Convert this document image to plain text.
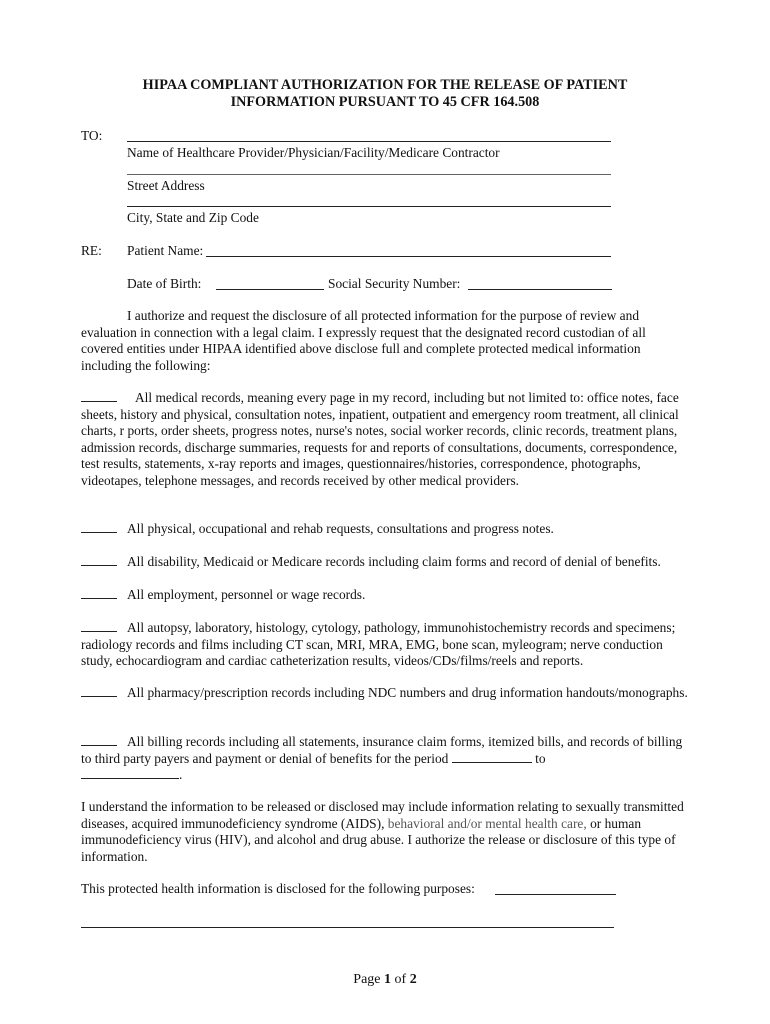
HIPAA COMPLIANT AUTHORIZATION FOR THE RELEASE OF PATIENT
INFORMATION PURSUANT TO 45 CFR 164.508
TO:
Name of Healthcare Provider/Physician/Facility/Medicare Contractor
Street Address
City, State and Zip Code
RE: Patient Name:
Date of Birth:	Social Security Number:
I authorize and request the disclosure of all protected information for the purpose of review and evaluation in connection with a legal claim. I expressly request that the designated record custodian of all covered entities under HIPAA identified above disclose full and complete protected medical information including the following:
All medical records, meaning every page in my record, including but not limited to: office notes, face sheets, history and physical, consultation notes, inpatient, outpatient and emergency room treatment, all clinical charts, r ports, order sheets, progress notes, nurse's notes, social worker records, clinic records, treatment plans, admission records, discharge summaries, requests for and reports of consultations, documents, correspondence, test results, statements, x-ray reports and images, questionnaires/histories, correspondence, photographs, videotapes, telephone messages, and records received by other medical providers.
All physical, occupational and rehab requests, consultations and progress notes.
All disability, Medicaid or Medicare records including claim forms and record of denial of benefits.
All employment, personnel or wage records.
All autopsy, laboratory, histology, cytology, pathology, immunohistochemistry records and specimens; radiology records and films including CT scan, MRI, MRA, EMG, bone scan, myleogram; nerve conduction study, echocardiogram and cardiac catheterization results, videos/CDs/films/reels and reports.
All pharmacy/prescription records including NDC numbers and drug information handouts/monographs.
All billing records including all statements, insurance claim forms, itemized bills, and records of billing to third party payers and payment or denial of benefits for the period	to
.
I understand the information to be released or disclosed may include information relating to sexually transmitted diseases, acquired immunodeficiency syndrome (AIDS), behavioral and/or mental health care, or human immunodeficiency virus (HIV), and alcohol and drug abuse. I authorize the release or disclosure of this type of information.
This protected health information is disclosed for the following purposes:
Page 1 of 2
